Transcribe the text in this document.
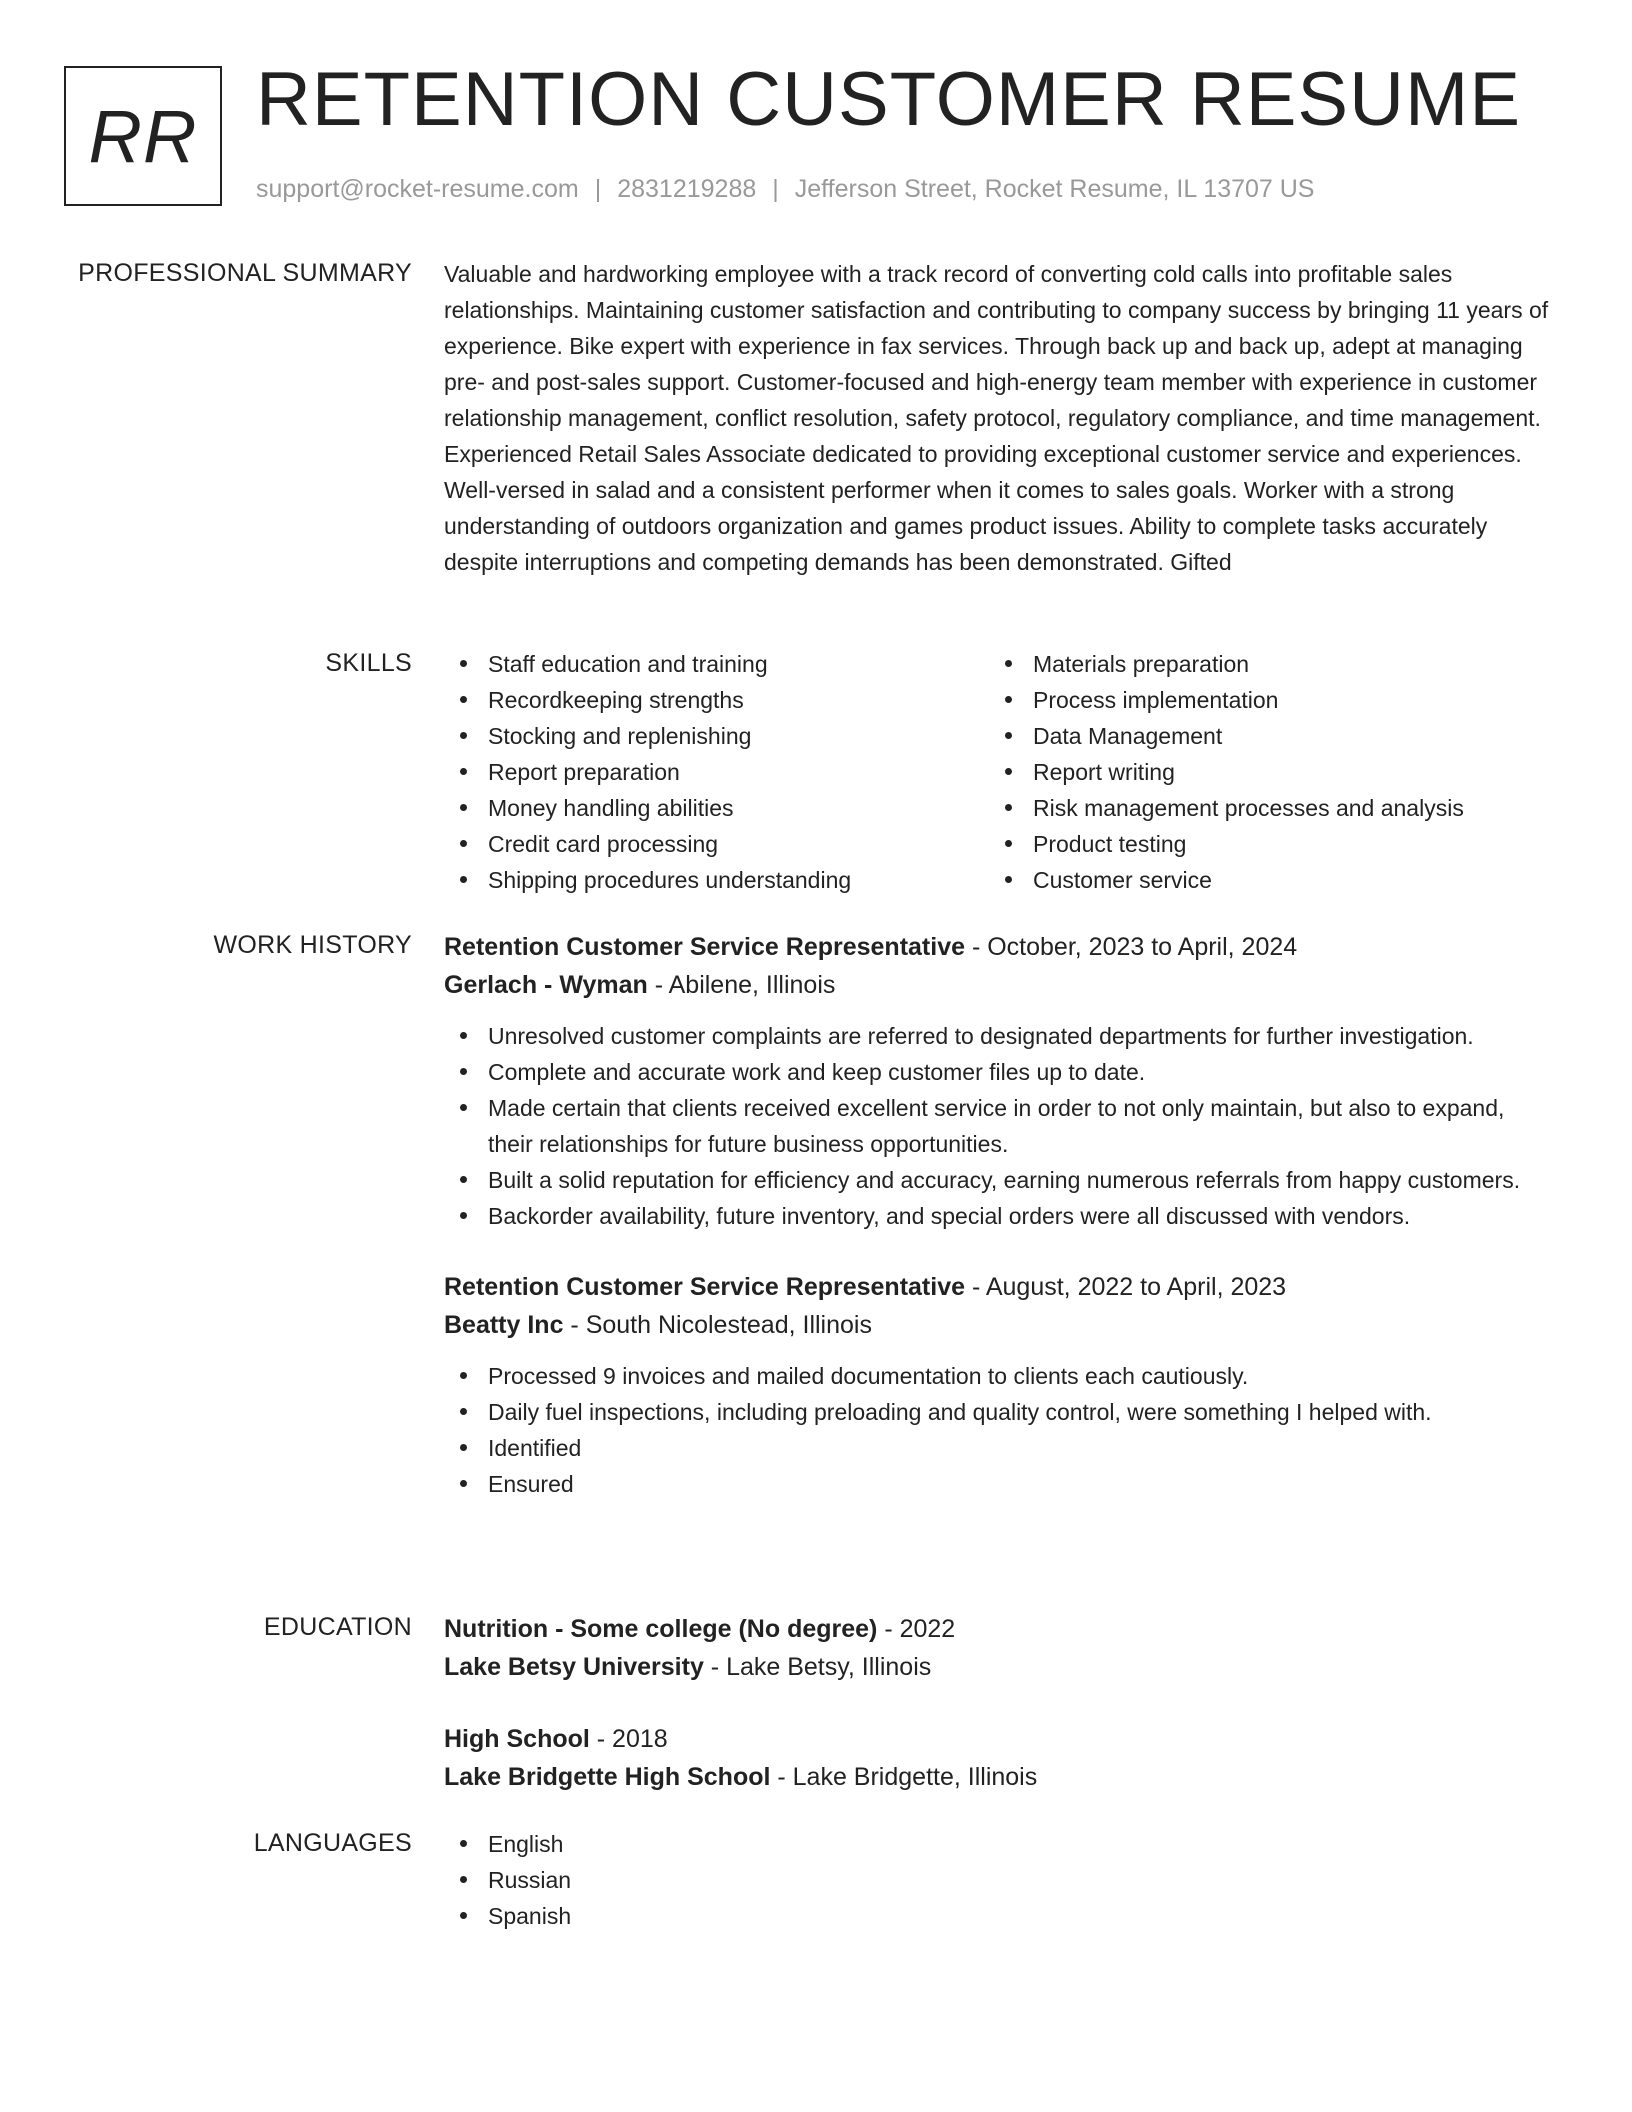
RR RETENTION CUSTOMER RESUME
support@rocket-resume.com | 2831219288 | Jefferson Street, Rocket Resume, IL 13707 US
PROFESSIONAL SUMMARY Valuable and hardworking employee with a track record of converting cold calls into profitable sales relationships. Maintaining customer satisfaction and contributing to company success by bringing 11 years of experience. Bike expert with experience in fax services. Through back up and back up, adept at managing pre- and post-sales support. Customer-focused and high-energy team member with experience in customer relationship management, conflict resolution, safety protocol, regulatory compliance, and time management. Experienced Retail Sales Associate dedicated to providing exceptional customer service and experiences. Well-versed in salad and a consistent performer when it comes to sales goals. Worker with a strong understanding of outdoors organization and games product issues. Ability to complete tasks accurately despite interruptions and competing demands has been demonstrated. Gifted

SKILLS	Staff education and training
Recordkeeping strengths
Stocking and replenishing
Report preparation
Money handling abilities
Credit card processing
Shipping procedures understanding
Materials preparation
Process implementation
Data Management
Report writing
Risk management processes and analysis
Product testing
Customer service
WORK HISTORY Retention Customer Service Representative - October, 2023 to April, 2024
Gerlach - Wyman - Abilene, Illinois
Unresolved customer complaints are referred to designated departments for further investigation.
Complete and accurate work and keep customer files up to date.
Made certain that clients received excellent service in order to not only maintain, but also to expand, their relationships for future business opportunities.
Built a solid reputation for efficiency and accuracy, earning numerous referrals from happy customers.
Backorder availability, future inventory, and special orders were all discussed with vendors.
Retention Customer Service Representative - August, 2022 to April, 2023
Beatty Inc - South Nicolestead, Illinois
Processed 9 invoices and mailed documentation to clients each cautiously.
Daily fuel inspections, including preloading and quality control, were something I helped with.
Identified
Ensured
EDUCATION Nutrition - Some college (No degree) - 2022
Lake Betsy University - Lake Betsy, Illinois
High School - 2018
Lake Bridgette High School - Lake Bridgette, Illinois
LANGUAGES	English
Russian
Spanish
